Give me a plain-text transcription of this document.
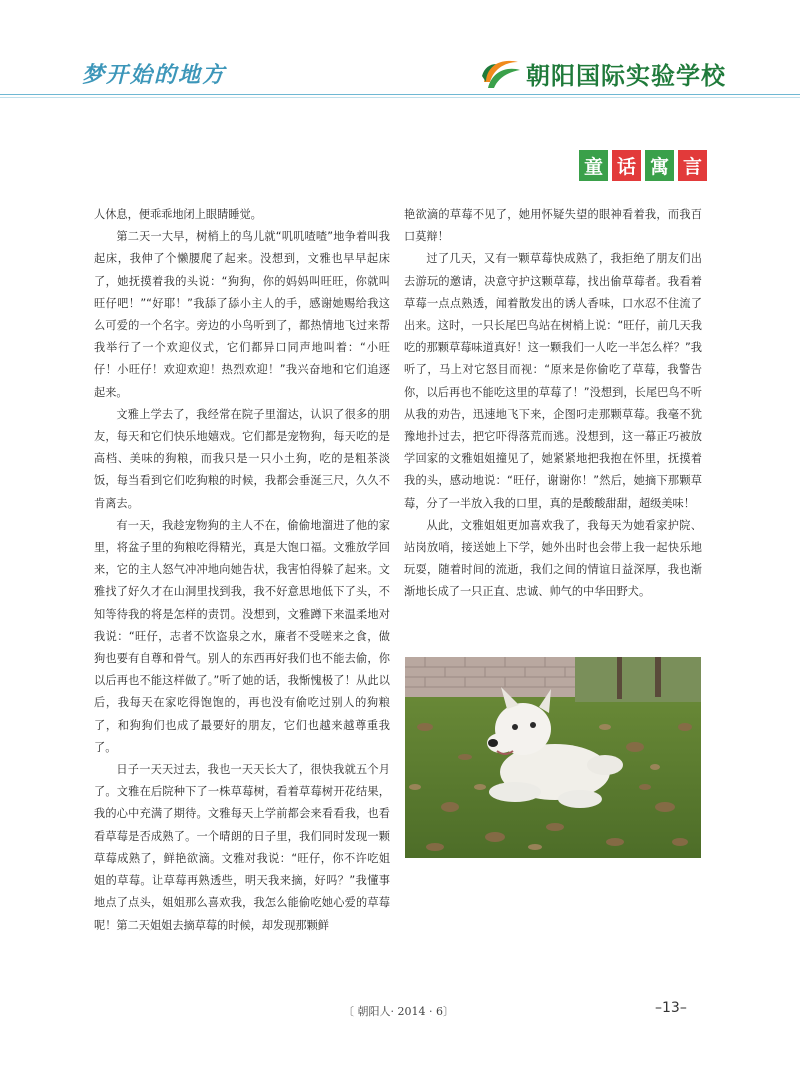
梦开始的地方	朝阳国际实验学校
童 话 寓 言

人休息，便乖乖地闭上眼睛睡觉。

第二天一大早，树梢上的鸟儿就“叽叽喳喳”地争着叫我起床，我伸了个懒腰爬了起来。没想到，文雅也早早起床了，她抚摸着我的头说：“狗狗，你的妈妈叫旺旺，你就叫旺仔吧！”“好耶！”我舔了舔小主人的手，感谢她赐给我这么可爱的一个名字。旁边的小鸟听到了，都热情地飞过来帮我举行了一个欢迎仪式，它们都异口同声地叫着：“小旺仔！小旺仔！欢迎欢迎！热烈欢迎！”我兴奋地和它们追逐起来。

文雅上学去了，我经常在院子里溜达，认识了很多的朋友，每天和它们快乐地嬉戏。它们都是宠物狗，每天吃的是高档、美味的狗粮，而我只是一只小土狗，吃的是粗茶淡饭，每当看到它们吃狗粮的时候，我都会垂涎三尺，久久不肯离去。

有一天，我趁宠物狗的主人不在，偷偷地溜进了他的家里，将盆子里的狗粮吃得精光，真是大饱口福。文雅放学回来，它的主人怒气冲冲地向她告状，我害怕得躲了起来。文雅找了好久才在山洞里找到我，我不好意思地低下了头，不知等待我的将是怎样的责罚。没想到，文雅蹲下来温柔地对我说：“旺仔，志者不饮盗泉之水，廉者不受嗟来之食，做狗也要有自尊和骨气。别人的东西再好我们也不能去偷，你以后再也不能这样做了。”听了她的话，我惭愧极了！从此以后，我每天在家吃得饱饱的，再也没有偷吃过别人的狗粮了，和狗狗们也成了最要好的朋友，它们也越来越尊重我了。

日子一天天过去，我也一天天长大了，很快我就五个月了。文雅在后院种下了一株草莓树，看着草莓树开花结果，我的心中充满了期待。文雅每天上学前都会来看看我，也看看草莓是否成熟了。一个晴朗的日子里，我们同时发现一颗草莓成熟了，鲜艳欲滴。文雅对我说：“旺仔，你不许吃姐姐的草莓。让草莓再熟透些，明天我来摘，好吗？”我懂事地点了点头，姐姐那么喜欢我，我怎么能偷吃她心爱的草莓呢！第二天姐姐去摘草莓的时候，却发现那颗鲜

艳欲滴的草莓不见了，她用怀疑失望的眼神看着我，而我百口莫辩！

过了几天，又有一颗草莓快成熟了，我拒绝了朋友们出去游玩的邀请，决意守护这颗草莓，找出偷草莓者。我看着草莓一点点熟透，闻着散发出的诱人香味，口水忍不住流了出来。这时，一只长尾巴鸟站在树梢上说：“旺仔，前几天我吃的那颗草莓味道真好！这一颗我们一人吃一半怎么样？”我听了，马上对它怒目而视：“原来是你偷吃了草莓，我警告你，以后再也不能吃这里的草莓了！”没想到，长尾巴鸟不听从我的劝告，迅速地飞下来，企图叼走那颗草莓。我毫不犹豫地扑过去，把它吓得落荒而逃。没想到，这一幕正巧被放学回家的文雅姐姐撞见了，她紧紧地把我抱在怀里，抚摸着我的头，感动地说：“旺仔，谢谢你！”然后，她摘下那颗草莓，分了一半放入我的口里，真的是酸酸甜甜，超级美味！

从此，文雅姐姐更加喜欢我了，我每天为她看家护院、站岗放哨，接送她上下学，她外出时也会带上我一起快乐地玩耍，随着时间的流逝，我们之间的情谊日益深厚，我也渐渐地长成了一只正直、忠诚、帅气的中华田野犬。

〔 朝阳人· 2014 · 6〕	–13–
